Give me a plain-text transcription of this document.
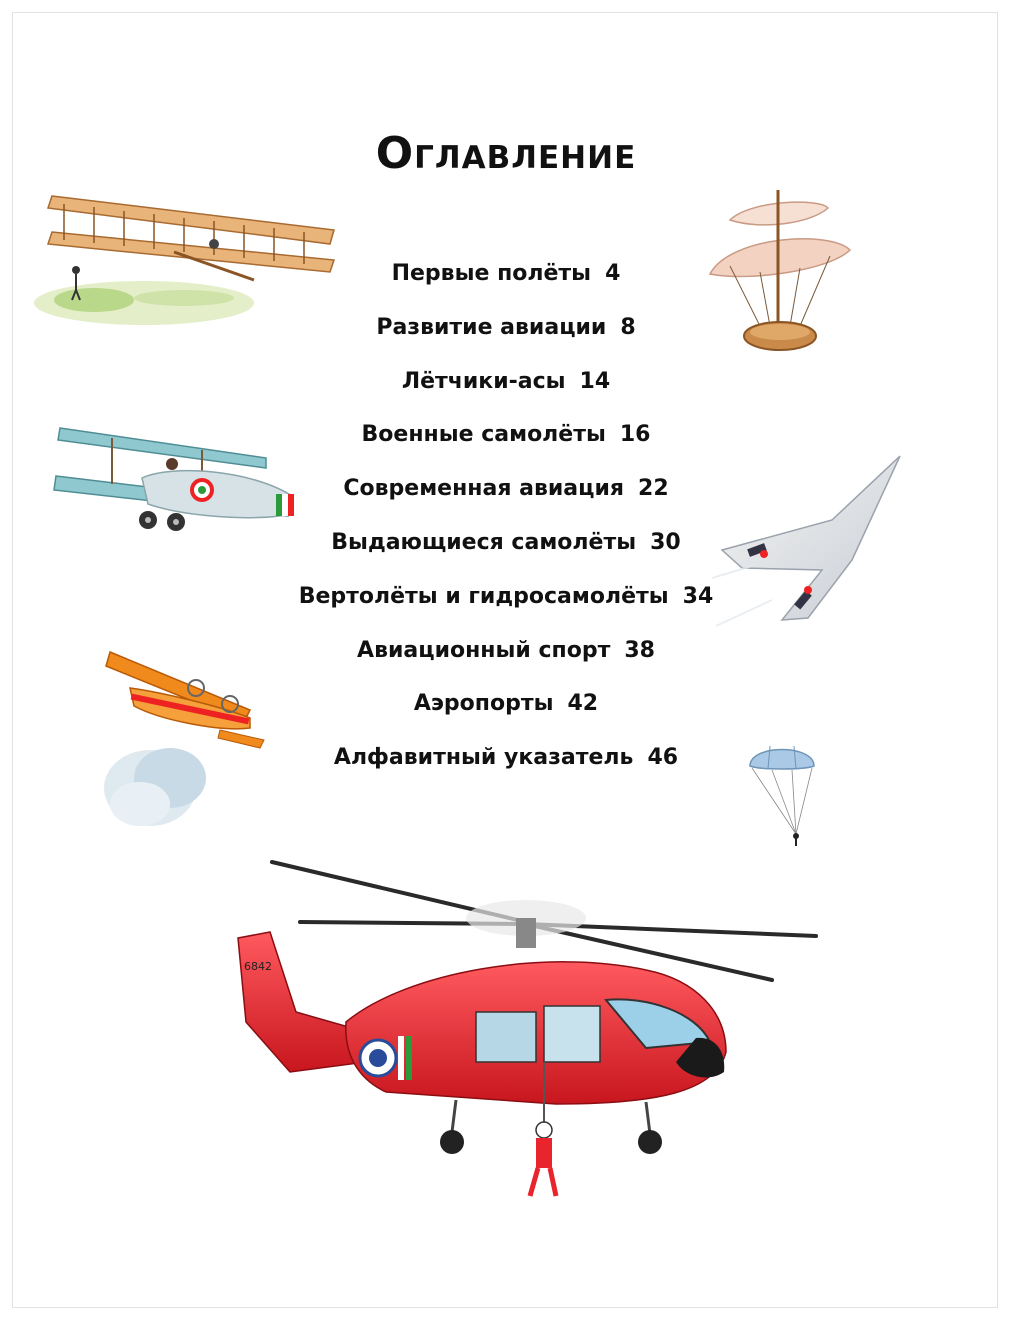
Оглавление
Первые полёты 4
Развитие авиации 8
Лётчики-асы 14
Военные самолёты 16
Современная авиация 22
Выдающиеся самолёты 30
Вертолёты и гидросамолёты 34
Авиационный спорт 38
Аэропорты 42
Алфавитный указатель 46
6842
